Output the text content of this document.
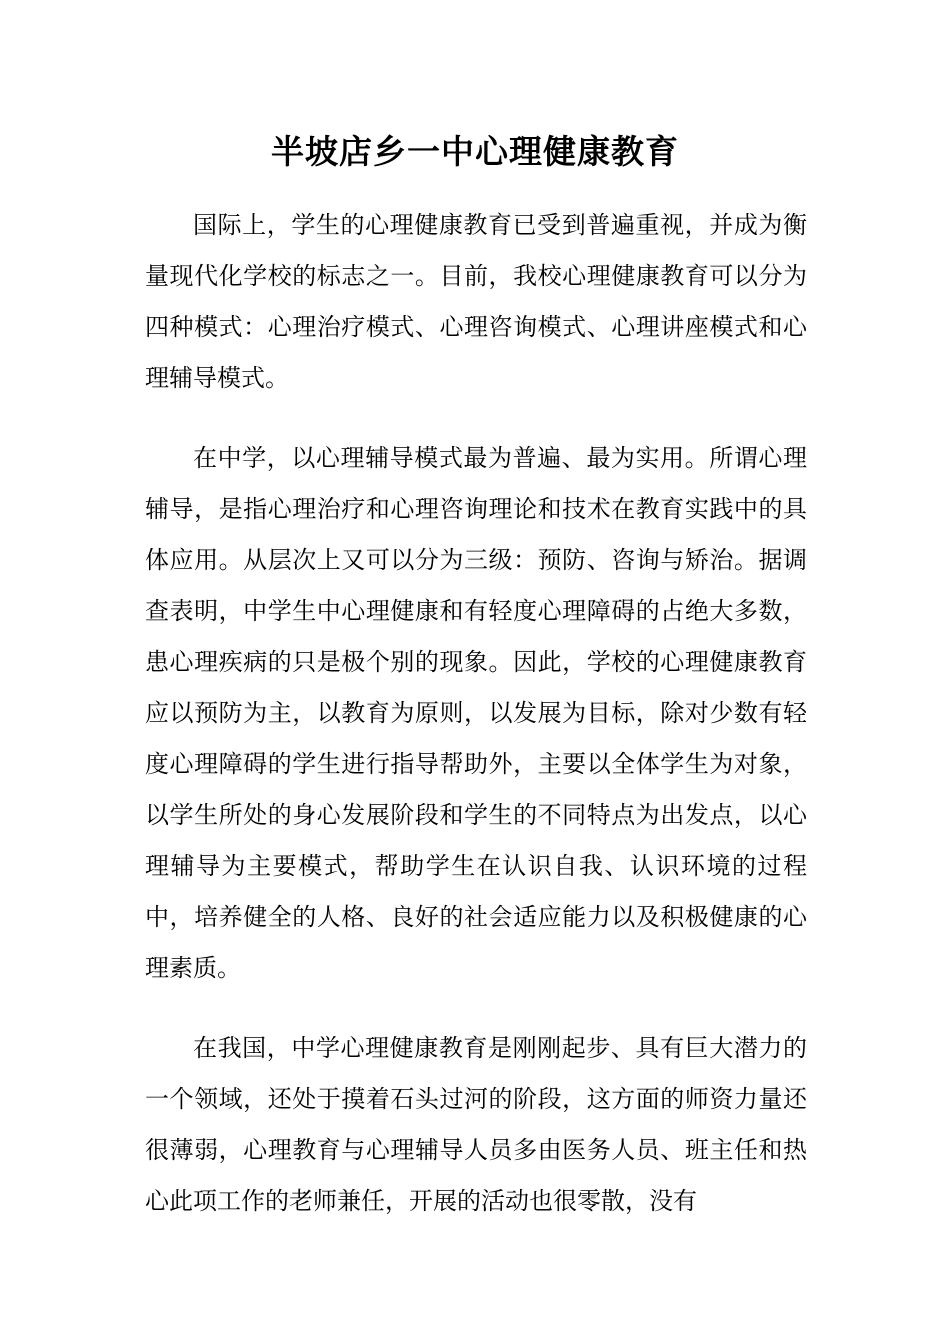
半坡店乡一中心理健康教育

国际上，学生的心理健康教育已受到普遍重视，并成为衡量现代化学校的标志之一。目前，我校心理健康教育可以分为四种模式：心理治疗模式、心理咨询模式、心理讲座模式和心理辅导模式。

在中学，以心理辅导模式最为普遍、最为实用。所谓心理辅导，是指心理治疗和心理咨询理论和技术在教育实践中的具体应用。从层次上又可以分为三级：预防、咨询与矫治。据调查表明，中学生中心理健康和有轻度心理障碍的占绝大多数，患心理疾病的只是极个别的现象。因此，学校的心理健康教育应以预防为主，以教育为原则，以发展为目标，除对少数有轻度心理障碍的学生进行指导帮助外，主要以全体学生为对象，以学生所处的身心发展阶段和学生的不同特点为出发点，以心理辅导为主要模式，帮助学生在认识自我、认识环境的过程中，培养健全的人格、良好的社会适应能力以及积极健康的心理素质。

在我国，中学心理健康教育是刚刚起步、具有巨大潜力的一个领域，还处于摸着石头过河的阶段，这方面的师资力量还很薄弱，心理教育与心理辅导人员多由医务人员、班主任和热心此项工作的老师兼任，开展的活动也很零散，没有
